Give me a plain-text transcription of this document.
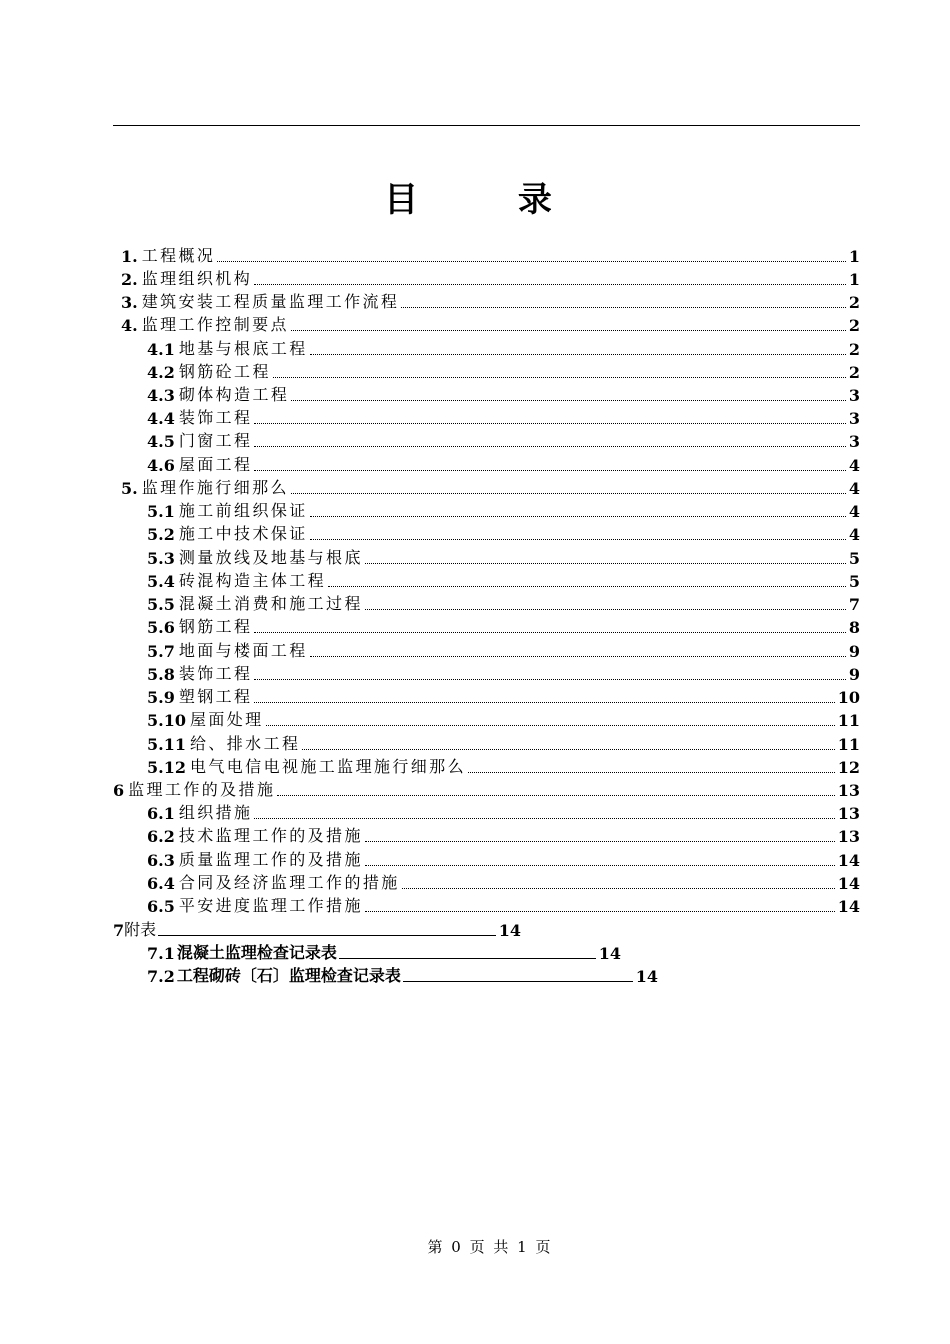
目 录
1. 工程概况	1
2. 监理组织机构	1
3. 建筑安装工程质量监理工作流程	2
4. 监理工作控制要点	2
4.1 地基与根底工程	2
4.2 钢筋砼工程	2
4.3 砌体构造工程	3
4.4 装饰工程	3
4.5 门窗工程	3
4.6 屋面工程	4
5. 监理作施行细那么	4
5.1 施工前组织保证	4
5.2 施工中技术保证	4
5.3 测量放线及地基与根底	5
5.4 砖混构造主体工程	5
5.5 混凝土消费和施工过程	7
5.6 钢筋工程	8
5.7 地面与楼面工程	9
5.8 装饰工程	9
5.9 塑钢工程	10
5.10 屋面处理	11
5.11 给、排水工程	11
5.12 电气电信电视施工监理施行细那么	12
6 监理工作的及措施	13
6.1 组织措施	13
6.2 技术监理工作的及措施	13
6.3 质量监理工作的及措施	14
6.4 合同及经济监理工作的措施	14
6.5 平安进度监理工作措施	14
7 附表	14
7.1 混凝土监理检查记录表	14
7.2 工程砌砖〔石〕监理检查记录表	14
第 0 页 共 1 页
